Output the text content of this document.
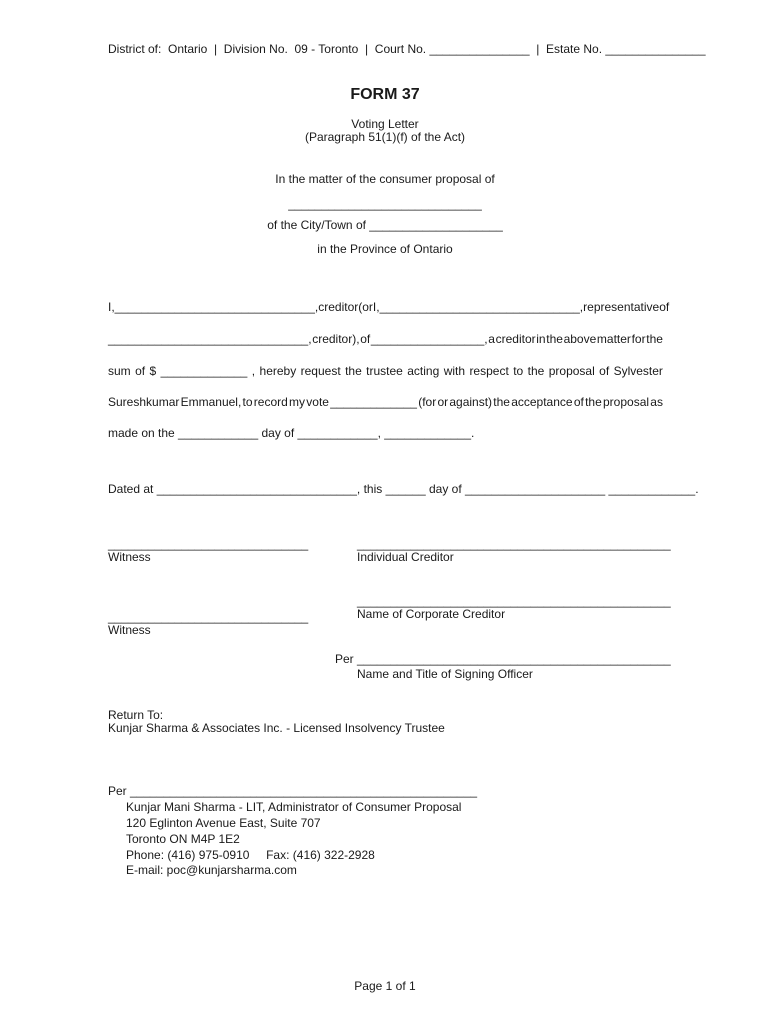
District of:  Ontario  |  Division No.  09 - Toronto  |  Court No. _______________  |  Estate No. _______________
FORM 37
Voting Letter
(Paragraph 51(1)(f) of the Act)
In the matter of the consumer proposal of
_____________________________
of the City/Town of ____________________
in the Province of Ontario
I, ______________________________, creditor (or I, ______________________________, representative of
______________________________, creditor), of _________________, a creditor in the above matter for the
sum of $ _____________ , hereby request the trustee acting with respect to the proposal of Sylvester
Sureshkumar Emmanuel, to record my vote _____________ (for or against) the acceptance of the proposal as
made on the ____________ day of ____________, _____________.
Dated at ______________________________, this ______ day of _____________________ _____________.
______________________________
Witness
_______________________________________________
Individual Creditor
_______________________________________________
Name of Corporate Creditor
______________________________
Witness
Per _______________________________________________
Name and Title of Signing Officer
Return To:
Kunjar Sharma & Associates Inc. - Licensed Insolvency Trustee
Per ____________________________________________________
Kunjar Mani Sharma - LIT, Administrator of Consumer Proposal
120 Eglinton Avenue East, Suite 707
Toronto ON M4P 1E2
Phone: (416) 975-0910     Fax: (416) 322-2928
E-mail: poc@kunjarsharma.com
Page 1 of 1
